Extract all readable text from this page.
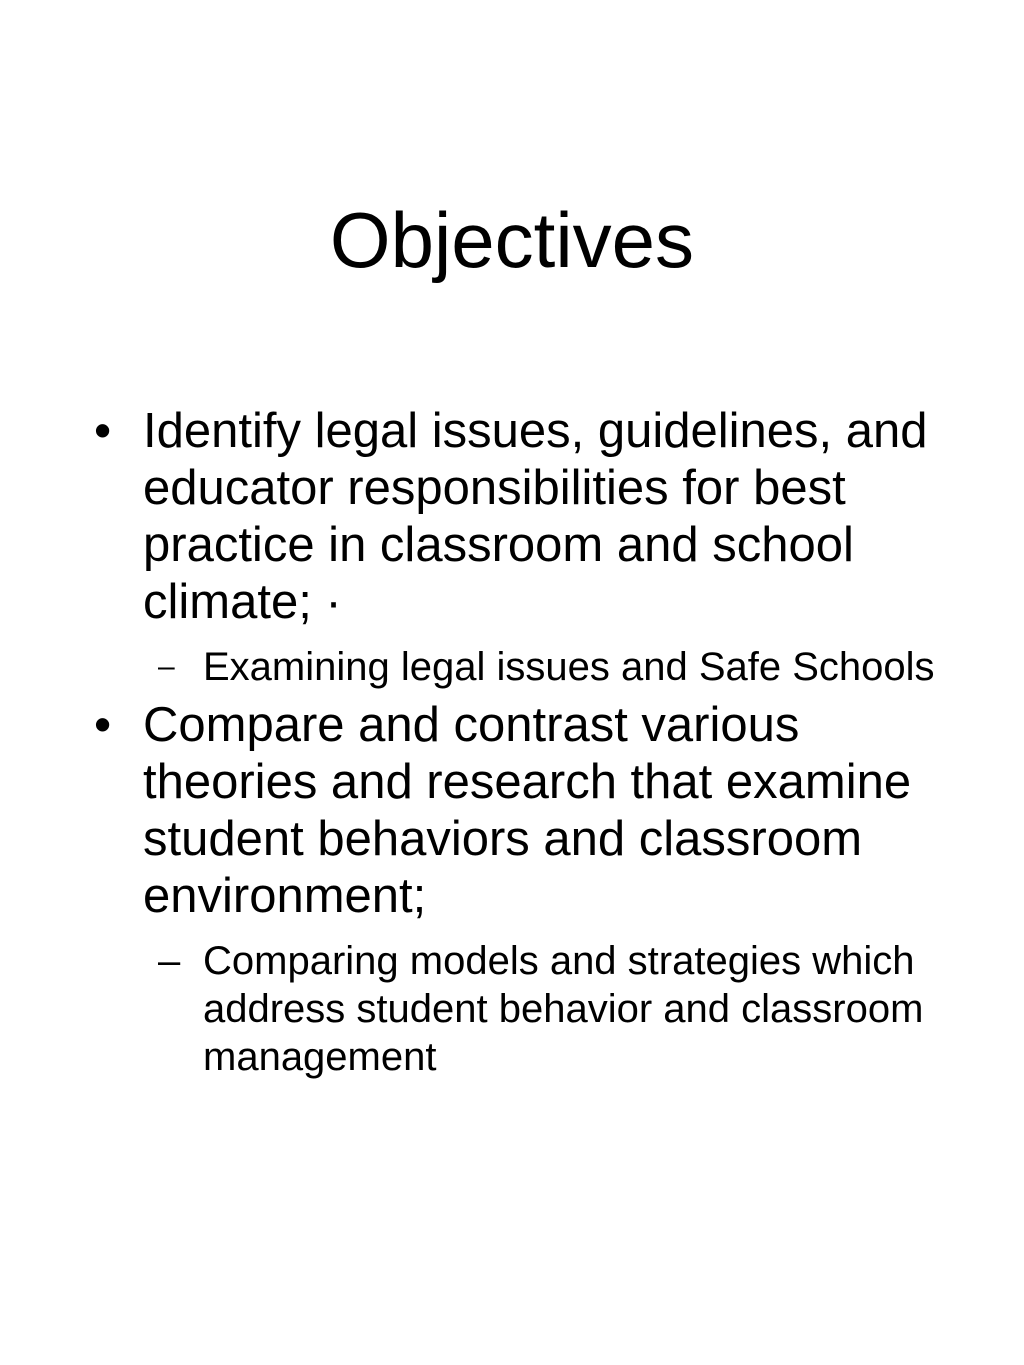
Objectives
• Identify legal issues, guidelines, and educator responsibilities for best practice in classroom and school climate; ·
– Examining legal issues and Safe Schools
• Compare and contrast various theories and research that examine student behaviors and classroom environment;
– Comparing models and strategies which address student behavior and classroom management
